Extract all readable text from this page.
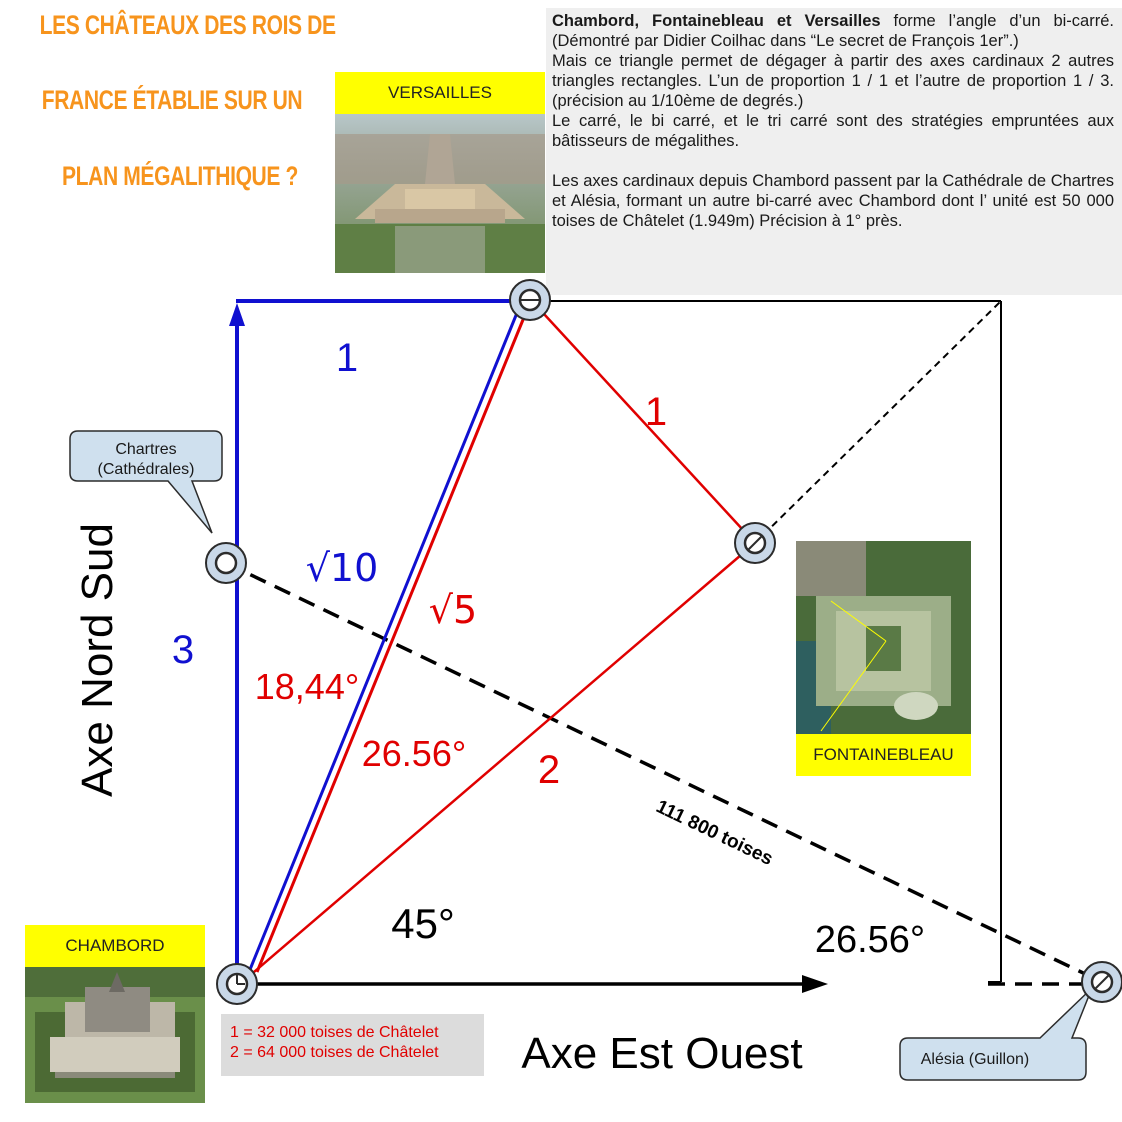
LES CHÂTEAUX DES ROIS DE
FRANCE ÉTABLIE SUR UN
PLAN MÉGALITHIQUE ?

Chambord, Fontainebleau et Versailles forme l’angle d’un bi-carré. (Démontré par Didier Coilhac dans “Le secret de François 1er”.)

Mais ce triangle permet de dégager à partir des axes cardinaux 2 autres triangles rectangles. L’un de proportion 1 / 1 et l’autre de proportion 1 / 3. (précision au 1/10ème de degrés.)

Le carré, le bi carré, et le tri carré sont des stratégies empruntées aux bâtisseurs de mégalithes.

Les axes cardinaux depuis Chambord passent par la Cathédrale de Chartres et Alésia, formant un autre bi-carré avec Chambord dont l’ unité est 50 000 toises de Châtelet (1.949m) Précision à 1° près.

VERSAILLES
FONTAINEBLEAU
CHAMBORD
Chartres
(Cathédrales)
Alésia (Guillon)
Axe Nord Sud
Axe Est Ouest
1
3
√10
√5
1
2
18,44°
26.56°
45°	26.56°
111 800 toises
1 = 32 000 toises de Châtelet
2 = 64 000 toises de Châtelet
